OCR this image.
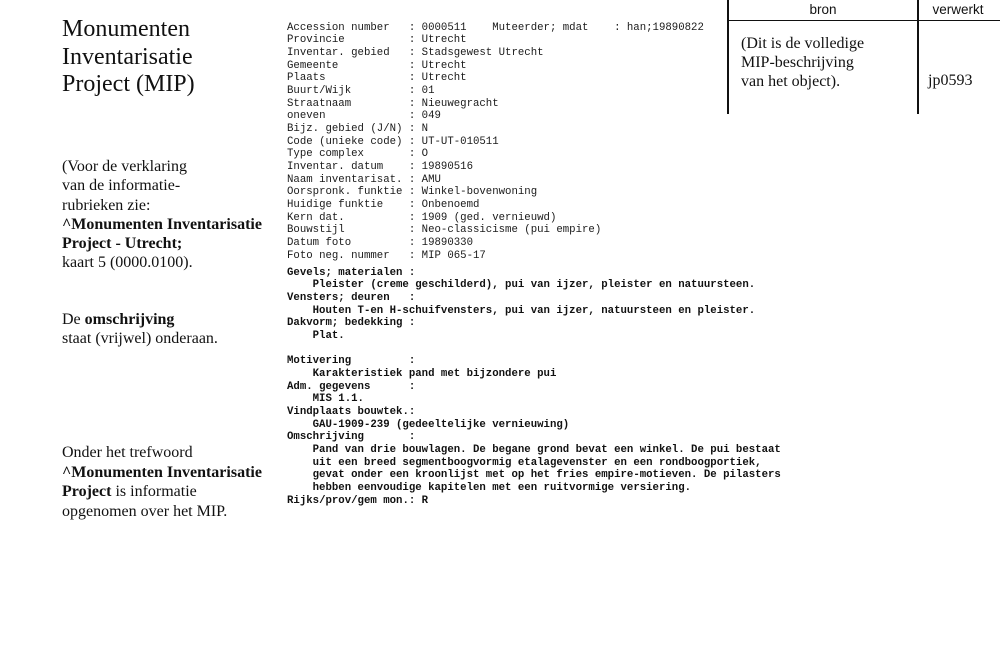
Monumenten
Inventarisatie
Project (MIP)
(Voor de verklaring
van de informatie-
rubrieken zie:
^Monumenten Inventarisatie
Project - Utrecht;
kaart 5 (0000.0100).
De omschrijving
staat (vrijwel) onderaan.
Onder het trefwoord
^Monumenten Inventarisatie
Project is informatie
opgenomen over het MIP.
Accession number : 0000511 Muteerder; mdat : han;19890822
Provincie	: Utrecht
Inventar. gebied : Stadsgewest Utrecht
Gemeente	: Utrecht
Plaats	: Utrecht
Buurt/Wijk	: 01
Straatnaam	: Nieuwegracht
oneven	: 049
Bijz. gebied (J/N) : N
Code (unieke code) : UT-UT-010511
Type complex	: O
Inventar. datum : 19890516
Naam inventarisat. : AMU
Oorspronk. funktie : Winkel-bovenwoning
Huidige funktie : Onbenoemd
Kern dat.	: 1909 (ged. vernieuwd)
Bouwstijl	: Neo-classicisme (pui empire)
Datum foto	: 19890330
Foto neg. nummer : MIP 065-17
Gevels; materialen :
Pleister (creme geschilderd), pui van ijzer, pleister en natuursteen.
Vensters; deuren :
Houten T-en H-schuifvensters, pui van ijzer, natuursteen en pleister.
Dakvorm; bedekking :
Plat.
Motivering	:
Karakteristiek pand met bijzondere pui
Adm. gegevens	:
MIS 1.1.
Vindplaats bouwtek.:
GAU-1909-239 (gedeeltelijke vernieuwing)
Omschrijving	:
Pand van drie bouwlagen. De begane grond bevat een winkel. De pui bestaat
uit een breed segmentboogvormig etalagevenster en een rondboogportiek,
gevat onder een kroonlijst met op het fries empire-motieven. De pilasters
hebben eenvoudige kapitelen met een ruitvormige versiering.
Rijks/prov/gem mon.: R
bron	verwerkt
(Dit is de volledige
MIP-beschrijving
van het object).	jp0593
